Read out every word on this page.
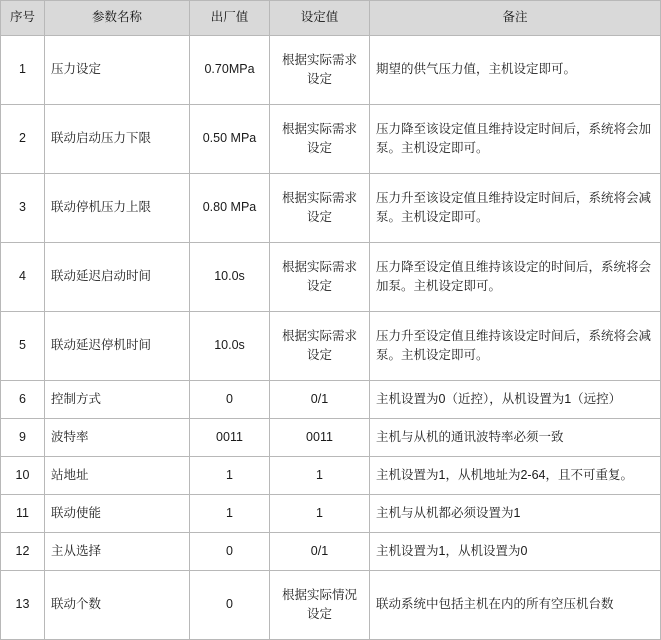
序号	参数名称	出厂值	设定值	备注
1	压力设定	0.70MPa	根据实际需求设定	期望的供气压力值，主机设定即可。
2	联动启动压力下限	0.50 MPa	根据实际需求设定	压力降至该设定值且维持设定时间后，系统将会加泵。主机设定即可。
3	联动停机压力上限	0.80 MPa	根据实际需求设定	压力升至该设定值且维持设定时间后，系统将会减泵。主机设定即可。
4	联动延迟启动时间	10.0s	根据实际需求设定	压力降至设定值且维持该设定的时间后，系统将会加泵。主机设定即可。
5	联动延迟停机时间	10.0s	根据实际需求设定	压力升至设定值且维持该设定时间后，系统将会减泵。主机设定即可。
6	控制方式	0	0/1	主机设置为0（近控），从机设置为1（远控）
9	波特率	0011	0011	主机与从机的通讯波特率必须一致
10	站地址	1	1	主机设置为1，从机地址为2-64，且不可重复。
11	联动使能	1	1	主机与从机都必须设置为1
12	主从选择	0	0/1	主机设置为1，从机设置为0
13	联动个数	0	根据实际情况设定	联动系统中包括主机在内的所有空压机台数
